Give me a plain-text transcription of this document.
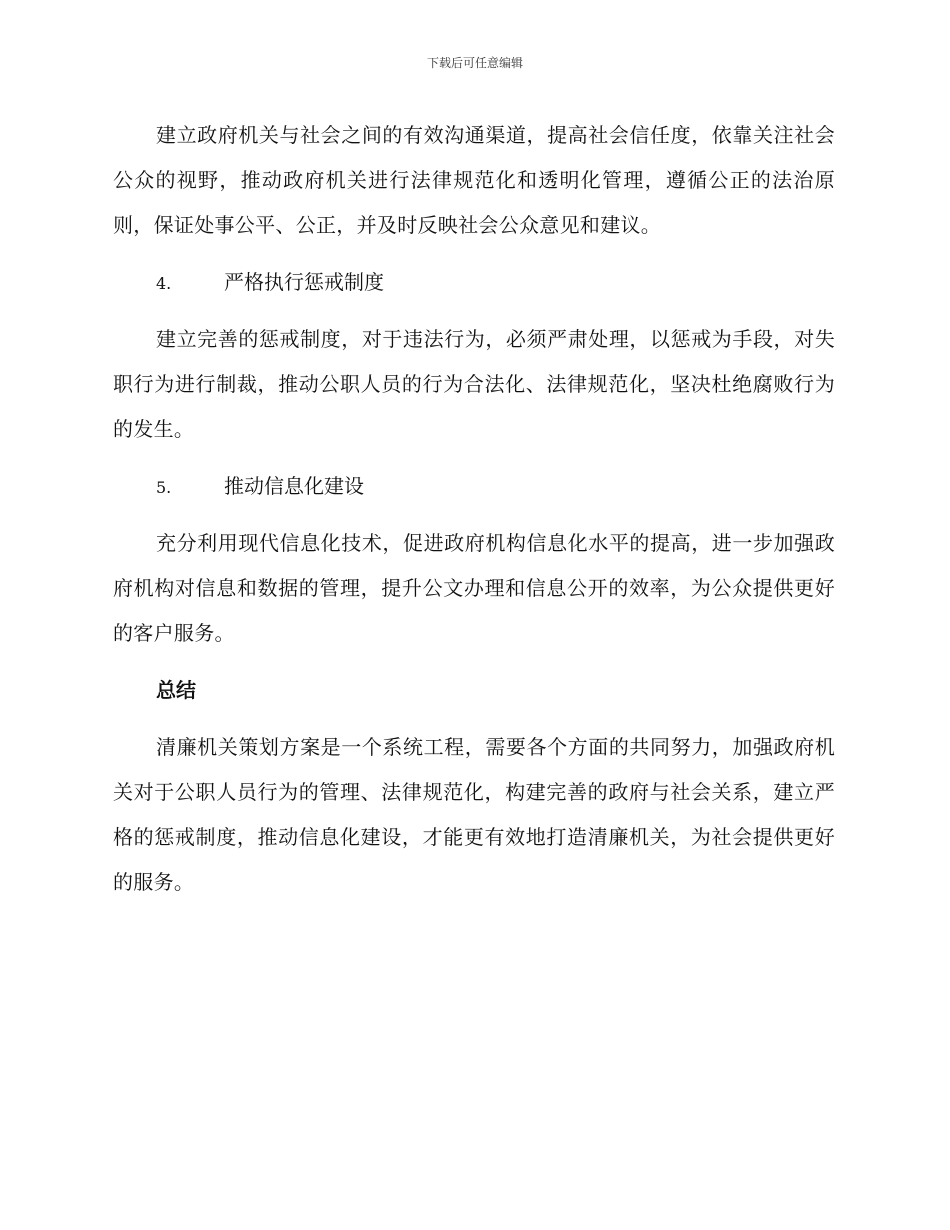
下载后可任意编辑

建立政府机关与社会之间的有效沟通渠道，提高社会信任度，依靠关注社会公众的视野，推动政府机关进行法律规范化和透明化管理，遵循公正的法治原则，保证处事公平、公正，并及时反映社会公众意见和建议。

4.	严格执行惩戒制度

建立完善的惩戒制度，对于违法行为，必须严肃处理，以惩戒为手段，对失职行为进行制裁，推动公职人员的行为合法化、法律规范化，坚决杜绝腐败行为的发生。

5.	推动信息化建设

充分利用现代信息化技术，促进政府机构信息化水平的提高，进一步加强政府机构对信息和数据的管理，提升公文办理和信息公开的效率，为公众提供更好的客户服务。

总结

清廉机关策划方案是一个系统工程，需要各个方面的共同努力，加强政府机关对于公职人员行为的管理、法律规范化，构建完善的政府与社会关系，建立严格的惩戒制度，推动信息化建设，才能更有效地打造清廉机关，为社会提供更好的服务。
